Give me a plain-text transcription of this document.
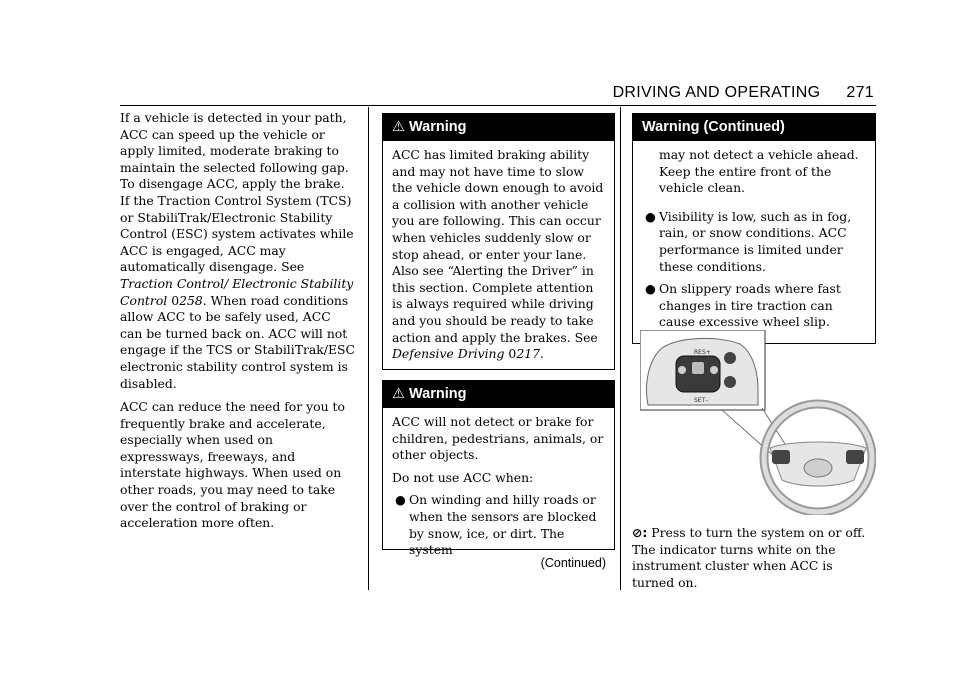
DRIVING AND OPERATING 271

If a vehicle is detected in your path, ACC can speed up the vehicle or apply limited, moderate braking to maintain the selected following gap. To disengage ACC, apply the brake. If the Traction Control System (TCS) or StabiliTrak/Electronic Stability Control (ESC) system activates while ACC is engaged, ACC may automatically disengage. See Traction Control/ Electronic Stability Control 0258. When road conditions allow ACC to be safely used, ACC can be turned back on. ACC will not engage if the TCS or StabiliTrak/ESC electronic stability control system is disabled.

ACC can reduce the need for you to frequently brake and accelerate, especially when used on expressways, freeways, and interstate highways. When used on other roads, you may need to take over the control of braking or acceleration more often.

⚠ Warning

ACC has limited braking ability and may not have time to slow the vehicle down enough to avoid a collision with another vehicle you are following. This can occur when vehicles suddenly slow or stop ahead, or enter your lane. Also see “Alerting the Driver” in this section. Complete attention is always required while driving and you should be ready to take action and apply the brakes. See Defensive Driving 0217.

⚠ Warning

ACC will not detect or brake for children, pedestrians, animals, or other objects.

Do not use ACC when:

● On winding and hilly roads or when the sensors are blocked by snow, ice, or dirt. The system
(Continued)
Warning (Continued)

may not detect a vehicle ahead. Keep the entire front of the vehicle clean.

● Visibility is low, such as in fog, rain, or snow conditions. ACC performance is limited under these conditions.
● On slippery roads where fast changes in tire traction can cause excessive wheel slip.
RES+
SET–
⊘: Press to turn the system on or off. The indicator turns white on the instrument cluster when ACC is turned on.
